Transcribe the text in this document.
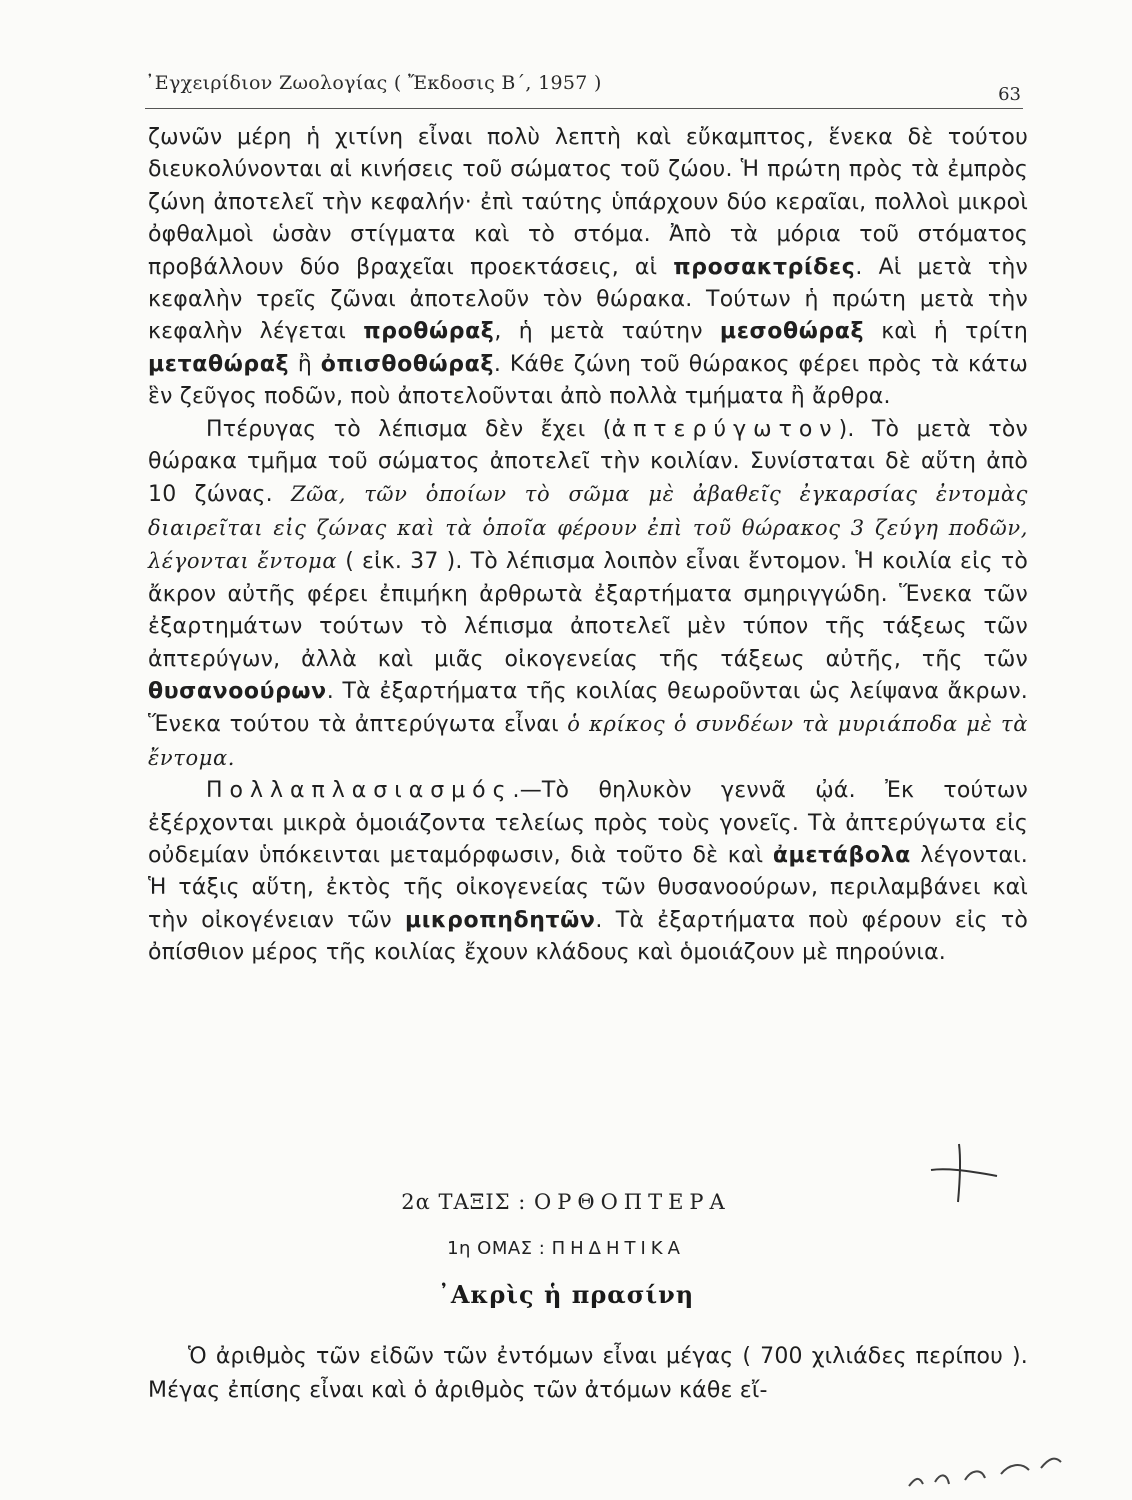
᾿Εγχειρίδιον Ζωολογίας ( Ἔκδοσις Β΄, 1957 )
63

ζωνῶν μέρη ἡ χιτίνη εἶναι πολὺ λεπτὴ καὶ εὔκαμπτος, ἕνεκα δὲ τούτου διευκολύνονται αἱ κινήσεις τοῦ σώματος τοῦ ζώου. Ἡ πρώτη πρὸς τὰ ἐμπρὸς ζώνη ἀποτελεῖ τὴν κεφαλήν· ἐπὶ ταύτης ὑπάρχουν δύο κεραῖαι, πολλοὶ μικροὶ ὀφθαλμοὶ ὡσὰν στίγματα καὶ τὸ στόμα. Ἀπὸ τὰ μόρια τοῦ στόματος προβάλλουν δύο βραχεῖαι προεκτάσεις, αἱ προσακτρίδες. Αἱ μετὰ τὴν κεφαλὴν τρεῖς ζῶναι ἀποτελοῦν τὸν θώρακα. Τούτων ἡ πρώτη μετὰ τὴν κεφαλὴν λέγεται προθώραξ, ἡ μετὰ ταύτην μεσοθώραξ καὶ ἡ τρίτη μεταθώραξ ἢ ὀπισθοθώραξ. Κάθε ζώνη τοῦ θώρακος φέρει πρὸς τὰ κάτω ἓν ζεῦγος ποδῶν, ποὺ ἀποτελοῦνται ἀπὸ πολλὰ τμήματα ἢ ἄρθρα.

Πτέρυγας τὸ λέπισμα δὲν ἔχει (ἀπτερύγωτον). Τὸ μετὰ τὸν θώρακα τμῆμα τοῦ σώματος ἀποτελεῖ τὴν κοιλίαν. Συνίσταται δὲ αὕτη ἀπὸ 10 ζώνας. Ζῶα, τῶν ὁποίων τὸ σῶμα μὲ ἀβαθεῖς ἐγκαρσίας ἐντομὰς διαιρεῖται εἰς ζώνας καὶ τὰ ὁποῖα φέρουν ἐπὶ τοῦ θώρακος 3 ζεύγη ποδῶν, λέγονται ἔντομα ( εἰκ. 37 ). Τὸ λέπισμα λοιπὸν εἶναι ἔντομον. Ἡ κοιλία εἰς τὸ ἄκρον αὐτῆς φέρει ἐπιμήκη ἀρθρωτὰ ἐξαρτήματα σμηριγγώδη. Ἕνεκα τῶν ἐξαρτημάτων τούτων τὸ λέπισμα ἀποτελεῖ μὲν τύπον τῆς τάξεως τῶν ἀπτερύγων, ἀλλὰ καὶ μιᾶς οἰκογενείας τῆς τάξεως αὐτῆς, τῆς τῶν θυσανοούρων. Τὰ ἐξαρτήματα τῆς κοιλίας θεωροῦνται ὡς λείψανα ἄκρων. Ἕνεκα τούτου τὰ ἀπτερύγωτα εἶναι ὁ κρίκος ὁ συνδέων τὰ μυριάποδα μὲ τὰ ἔντομα.

Πολλαπλασιασμός.—Τὸ θηλυκὸν γεννᾶ ᾠά. Ἐκ τούτων ἐξέρχονται μικρὰ ὁμοιάζοντα τελείως πρὸς τοὺς γονεῖς. Τὰ ἀπτερύγωτα εἰς οὐδεμίαν ὑπόκεινται μεταμόρφωσιν, διὰ τοῦτο δὲ καὶ ἀμετάβολα λέγονται. Ἡ τάξις αὕτη, ἐκτὸς τῆς οἰκογενείας τῶν θυσανοούρων, περιλαμβάνει καὶ τὴν οἰκογένειαν τῶν μικροπηδητῶν. Τὰ ἐξαρτήματα ποὺ φέρουν εἰς τὸ ὀπίσθιον μέρος τῆς κοιλίας ἔχουν κλάδους καὶ ὁμοιάζουν μὲ πηρούνια.

2α ΤΑΞΙΣ : ΟΡΘΟΠΤΕΡΑ
1η ΟΜΑΣ : ΠΗΔΗΤΙΚΑ
᾿Ακρὶς ἡ πρασίνη

Ὁ ἀριθμὸς τῶν εἰδῶν τῶν ἐντόμων εἶναι μέγας ( 700 χιλιάδες περίπου ). Μέγας ἐπίσης εἶναι καὶ ὁ ἀριθμὸς τῶν ἀτόμων κάθε εἴ-
